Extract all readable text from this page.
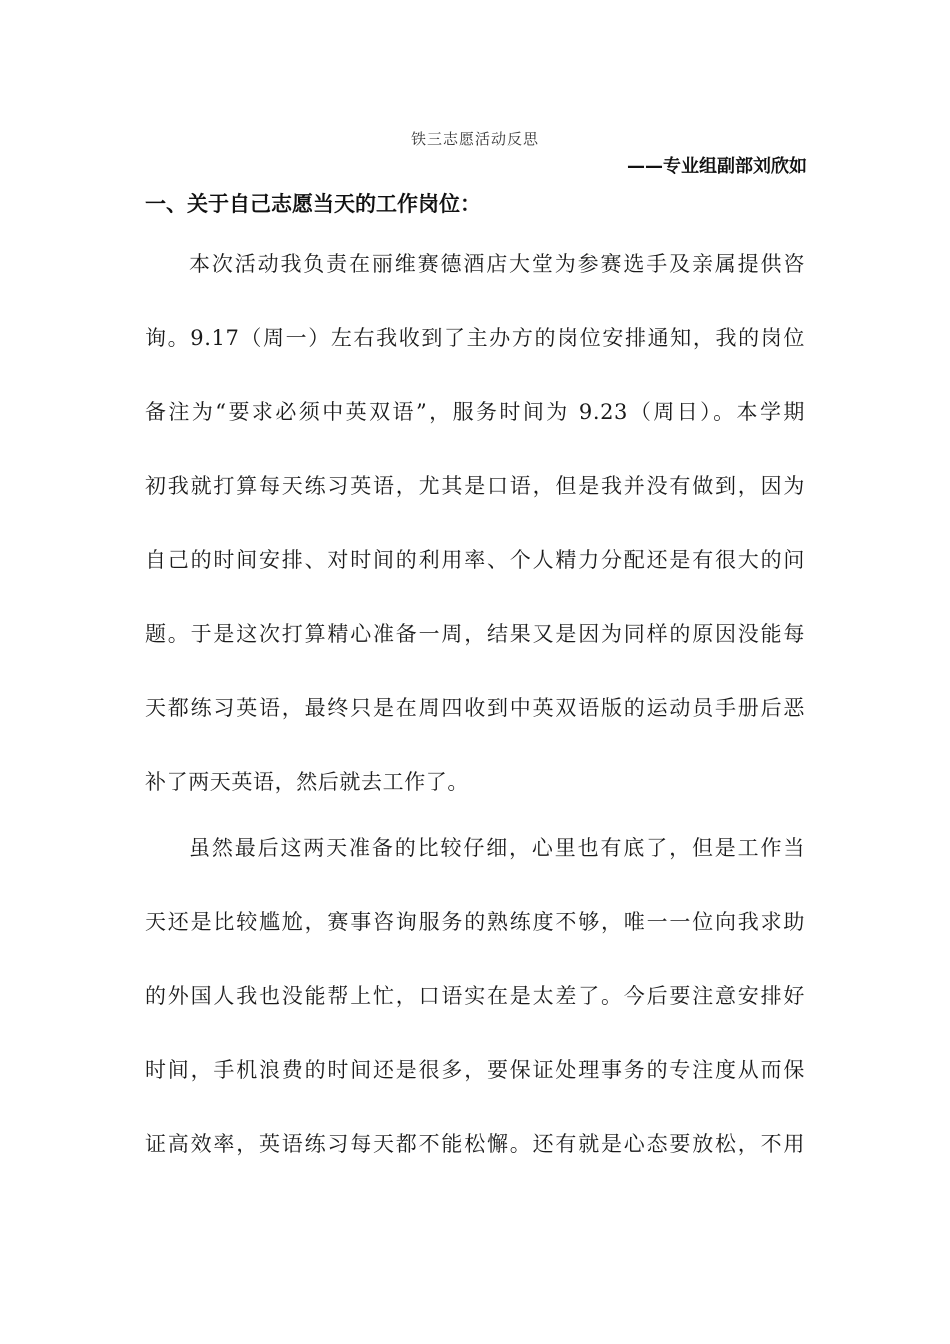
铁三志愿活动反思
——专业组副部刘欣如
一、关于自己志愿当天的工作岗位：

本次活动我负责在丽维赛德酒店大堂为参赛选手及亲属提供咨
询。9.17（周一）左右我收到了主办方的岗位安排通知，我的岗位
备注为“要求必须中英双语”，服务时间为 9.23（周日）。本学期
初我就打算每天练习英语，尤其是口语，但是我并没有做到，因为
自己的时间安排、对时间的利用率、个人精力分配还是有很大的问
题。于是这次打算精心准备一周，结果又是因为同样的原因没能每
天都练习英语，最终只是在周四收到中英双语版的运动员手册后恶
补了两天英语，然后就去工作了。

虽然最后这两天准备的比较仔细，心里也有底了，但是工作当
天还是比较尴尬，赛事咨询服务的熟练度不够，唯一一位向我求助
的外国人我也没能帮上忙，口语实在是太差了。今后要注意安排好
时间，手机浪费的时间还是很多，要保证处理事务的专注度从而保
证高效率，英语练习每天都不能松懈。还有就是心态要放松，不用
